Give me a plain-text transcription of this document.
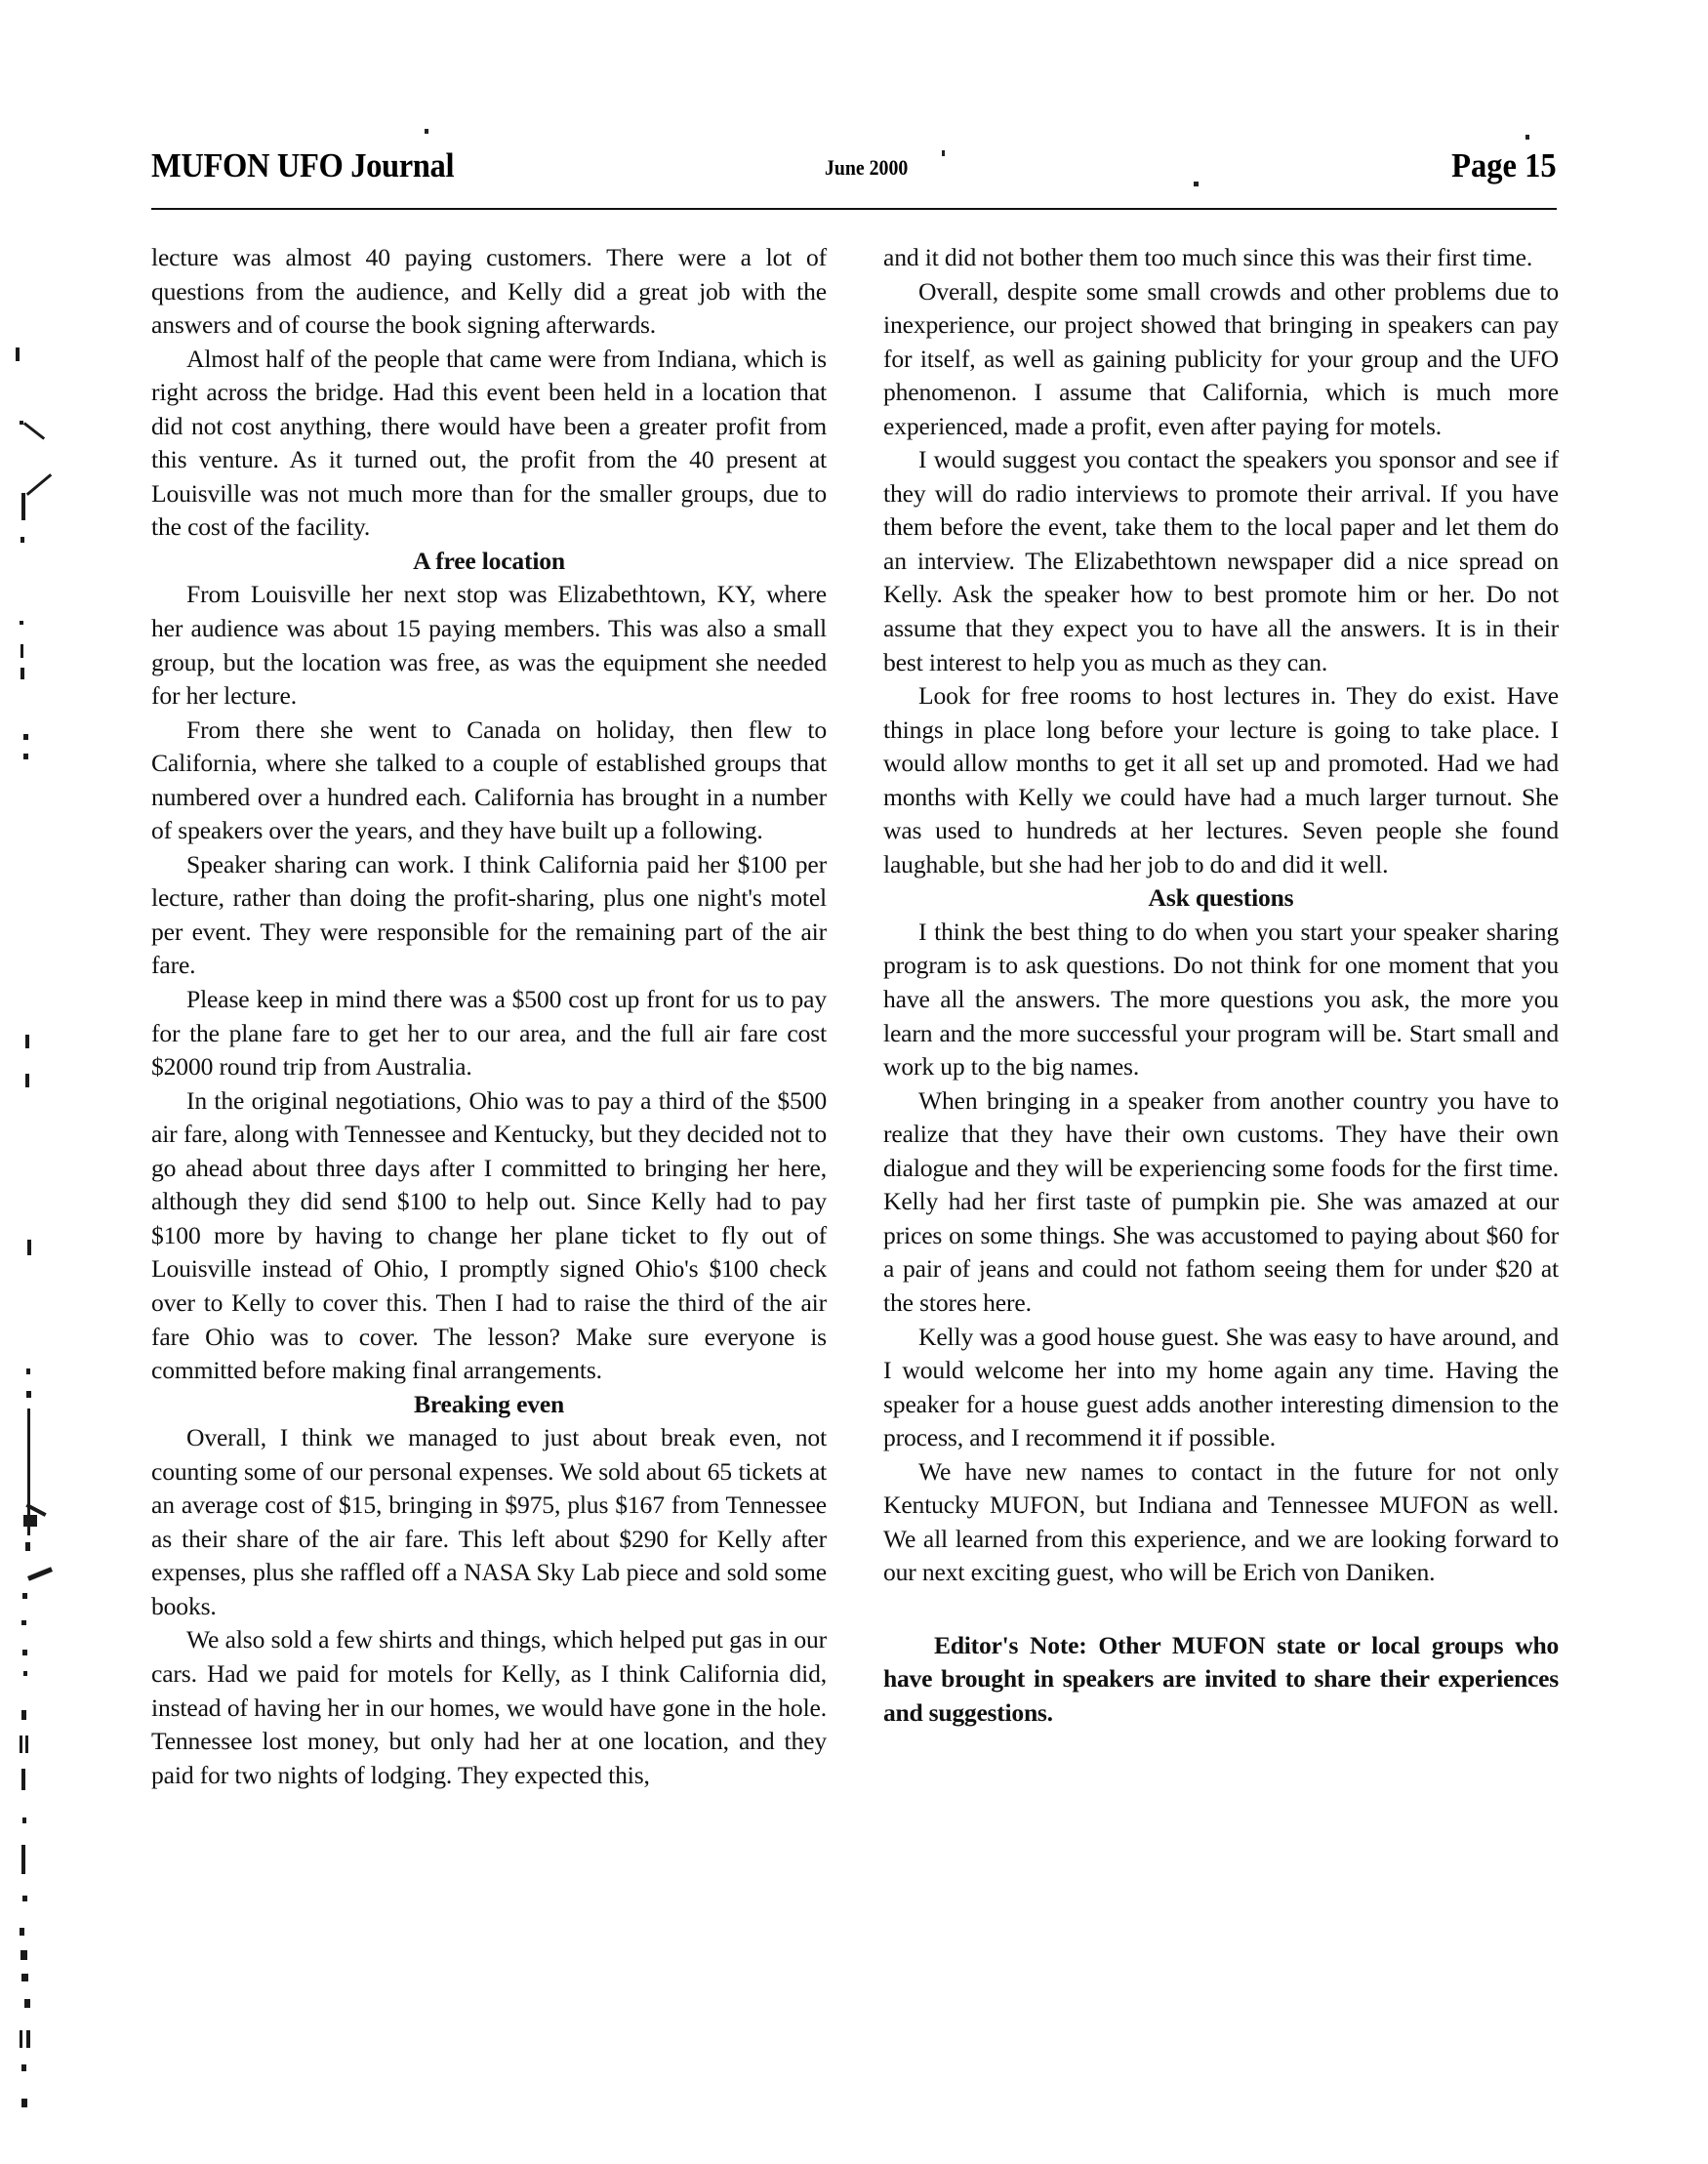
MUFON UFO Journal	June 2000	Page 15

lecture was almost 40 paying customers. There were a lot of questions from the audience, and Kelly did a great job with the answers and of course the book signing afterwards.

Almost half of the people that came were from Indiana, which is right across the bridge. Had this event been held in a location that did not cost anything, there would have been a greater profit from this venture. As it turned out, the profit from the 40 present at Louisville was not much more than for the smaller groups, due to the cost of the facility.

A free location

From Louisville her next stop was Elizabethtown, KY, where her audience was about 15 paying members. This was also a small group, but the location was free, as was the equipment she needed for her lecture.

From there she went to Canada on holiday, then flew to California, where she talked to a couple of established groups that numbered over a hundred each. California has brought in a number of speakers over the years, and they have built up a following.

Speaker sharing can work. I think California paid her $100 per lecture, rather than doing the profit-sharing, plus one night's motel per event. They were responsible for the remaining part of the air fare.

Please keep in mind there was a $500 cost up front for us to pay for the plane fare to get her to our area, and the full air fare cost $2000 round trip from Australia.

In the original negotiations, Ohio was to pay a third of the $500 air fare, along with Tennessee and Kentucky, but they decided not to go ahead about three days after I committed to bringing her here, although they did send $100 to help out. Since Kelly had to pay $100 more by having to change her plane ticket to fly out of Louisville instead of Ohio, I promptly signed Ohio's $100 check over to Kelly to cover this. Then I had to raise the third of the air fare Ohio was to cover. The lesson? Make sure everyone is committed before making final arrangements.

Breaking even

Overall, I think we managed to just about break even, not counting some of our personal expenses. We sold about 65 tickets at an average cost of $15, bringing in $975, plus $167 from Tennessee as their share of the air fare. This left about $290 for Kelly after expenses, plus she raffled off a NASA Sky Lab piece and sold some books.

We also sold a few shirts and things, which helped put gas in our cars. Had we paid for motels for Kelly, as I think California did, instead of having her in our homes, we would have gone in the hole. Tennessee lost money, but only had her at one location, and they paid for two nights of lodging. They expected this,

and it did not bother them too much since this was their first time.

Overall, despite some small crowds and other problems due to inexperience, our project showed that bringing in speakers can pay for itself, as well as gaining publicity for your group and the UFO phenomenon. I assume that California, which is much more experienced, made a profit, even after paying for motels.

I would suggest you contact the speakers you sponsor and see if they will do radio interviews to promote their arrival. If you have them before the event, take them to the local paper and let them do an interview. The Elizabethtown newspaper did a nice spread on Kelly. Ask the speaker how to best promote him or her. Do not assume that they expect you to have all the answers. It is in their best interest to help you as much as they can.

Look for free rooms to host lectures in. They do exist. Have things in place long before your lecture is going to take place. I would allow months to get it all set up and promoted. Had we had months with Kelly we could have had a much larger turnout. She was used to hundreds at her lectures. Seven people she found laughable, but she had her job to do and did it well.

Ask questions

I think the best thing to do when you start your speaker sharing program is to ask questions. Do not think for one moment that you have all the answers. The more questions you ask, the more you learn and the more successful your program will be. Start small and work up to the big names.

When bringing in a speaker from another country you have to realize that they have their own customs. They have their own dialogue and they will be experiencing some foods for the first time. Kelly had her first taste of pumpkin pie. She was amazed at our prices on some things. She was accustomed to paying about $60 for a pair of jeans and could not fathom seeing them for under $20 at the stores here.

Kelly was a good house guest. She was easy to have around, and I would welcome her into my home again any time. Having the speaker for a house guest adds another interesting dimension to the process, and I recommend it if possible.

We have new names to contact in the future for not only Kentucky MUFON, but Indiana and Tennessee MUFON as well. We all learned from this experience, and we are looking forward to our next exciting guest, who will be Erich von Daniken.

Editor's Note: Other MUFON state or local groups who have brought in speakers are invited to share their experiences and suggestions.
